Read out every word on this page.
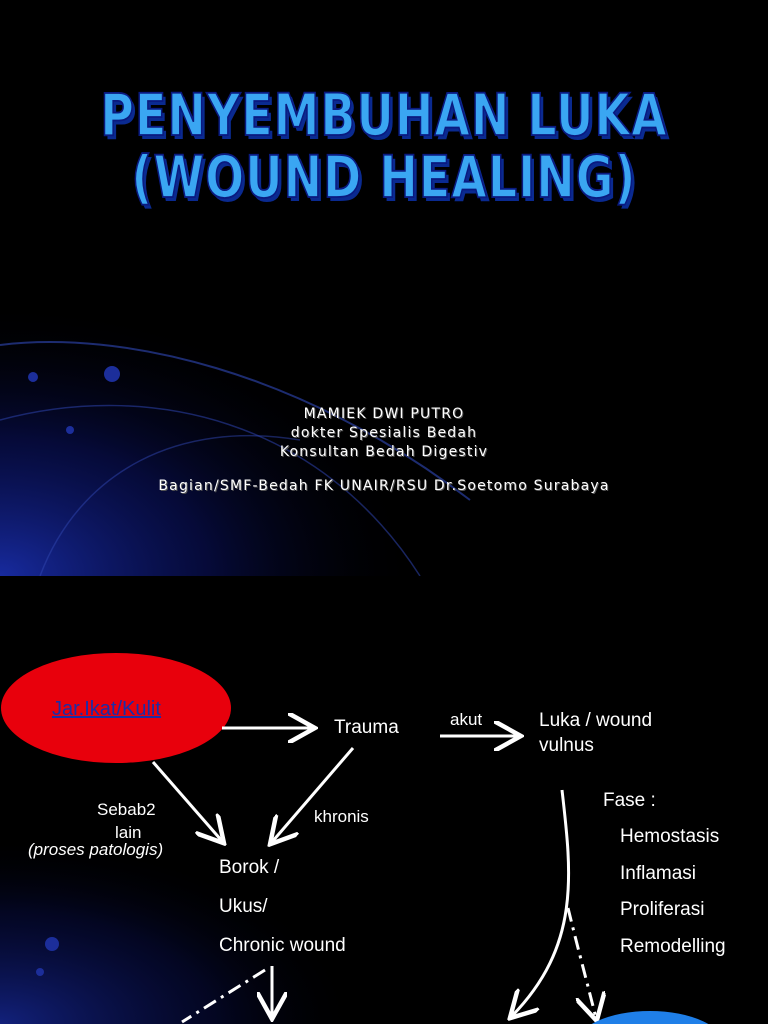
PENYEMBUHAN LUKA
(WOUND HEALING)
MAMIEK DWI PUTRO
dokter Spesialis Bedah
Konsultan Bedah Digestiv
Bagian/SMF-Bedah FK UNAIR/RSU Dr.Soetomo Surabaya
Jar.Ikat/Kulit
Trauma	akut	Luka / wound
vulnus
Sebab2
lain
(proses patologis)
khronis
Borok /
Ukus/
Chronic wound
Fase :
Hemostasis
Inflamasi
Proliferasi
Remodelling
